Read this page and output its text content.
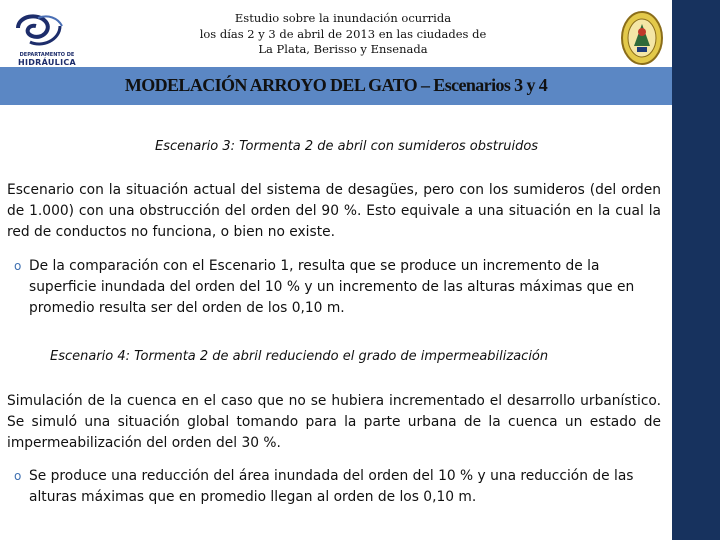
DEPARTAMENTO DE
HIDRÁULICA
Estudio sobre la inundación ocurrida
los días 2 y 3 de abril de 2013 en las ciudades de
La Plata, Berisso y Ensenada
MODELACIÓN ARROYO DEL GATO – Escenarios 3 y 4
Escenario 3: Tormenta 2 de abril con sumideros obstruidos

Escenario con la situación actual del sistema de desagües, pero con los sumideros (del orden de 1.000) con una obstrucción del orden del 90 %. Esto equivale a una situación en la cual la red de conductos no funciona, o bien no existe.

o De la comparación con el Escenario 1, resulta que se produce un incremento de la superficie inundada del orden del 10 % y un incremento de las alturas máximas que en promedio resulta ser del orden de los 0,10 m.
Escenario 4: Tormenta 2 de abril reduciendo el grado de impermeabilización

Simulación de la cuenca en el caso que no se hubiera incrementado el desarrollo urbanístico. Se simuló una situación global tomando para la parte urbana de la cuenca un estado de impermeabilización del orden del 30 %.

o Se produce una reducción del área inundada del orden del 10 % y una reducción de las alturas máximas que en promedio llegan al orden de los 0,10 m.
